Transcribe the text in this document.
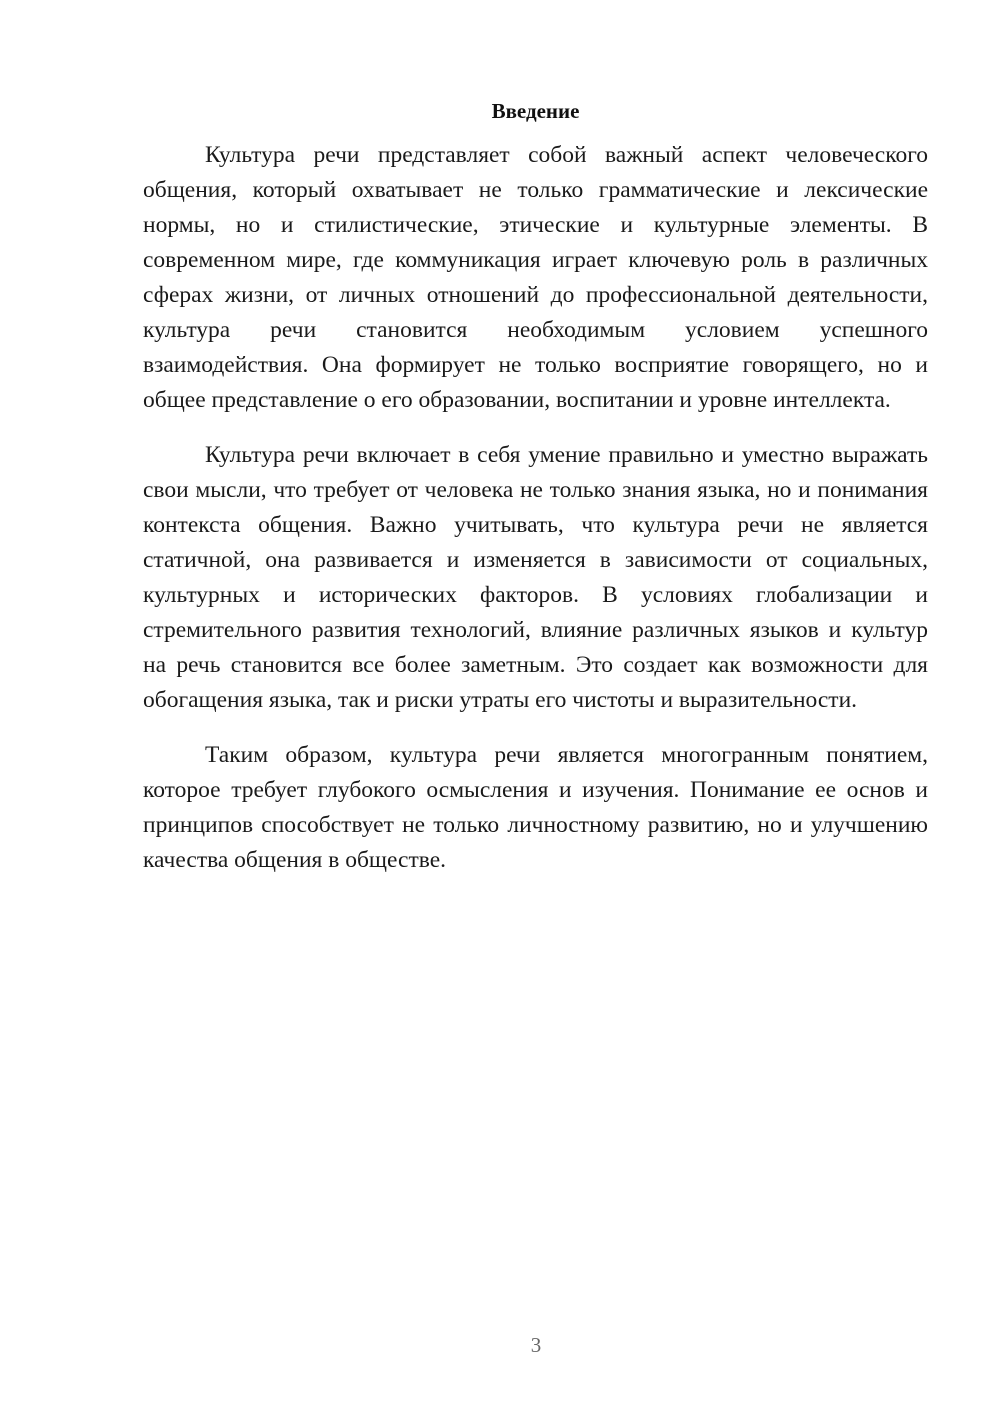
Введение

Культура речи представляет собой важный аспект человеческого общения, который охватывает не только грамматические и лексические нормы, но и стилистические, этические и культурные элементы. В современном мире, где коммуникация играет ключевую роль в различных сферах жизни, от личных отношений до профессиональной деятельности, культура речи становится необходимым условием успешного взаимодействия. Она формирует не только восприятие говорящего, но и общее представление о его образовании, воспитании и уровне интеллекта.

Культура речи включает в себя умение правильно и уместно выражать свои мысли, что требует от человека не только знания языка, но и понимания контекста общения. Важно учитывать, что культура речи не является статичной, она развивается и изменяется в зависимости от социальных, культурных и исторических факторов. В условиях глобализации и стремительного развития технологий, влияние различных языков и культур на речь становится все более заметным. Это создает как возможности для обогащения языка, так и риски утраты его чистоты и выразительности.

Таким образом, культура речи является многогранным понятием, которое требует глубокого осмысления и изучения. Понимание ее основ и принципов способствует не только личностному развитию, но и улучшению качества общения в обществе.

3
